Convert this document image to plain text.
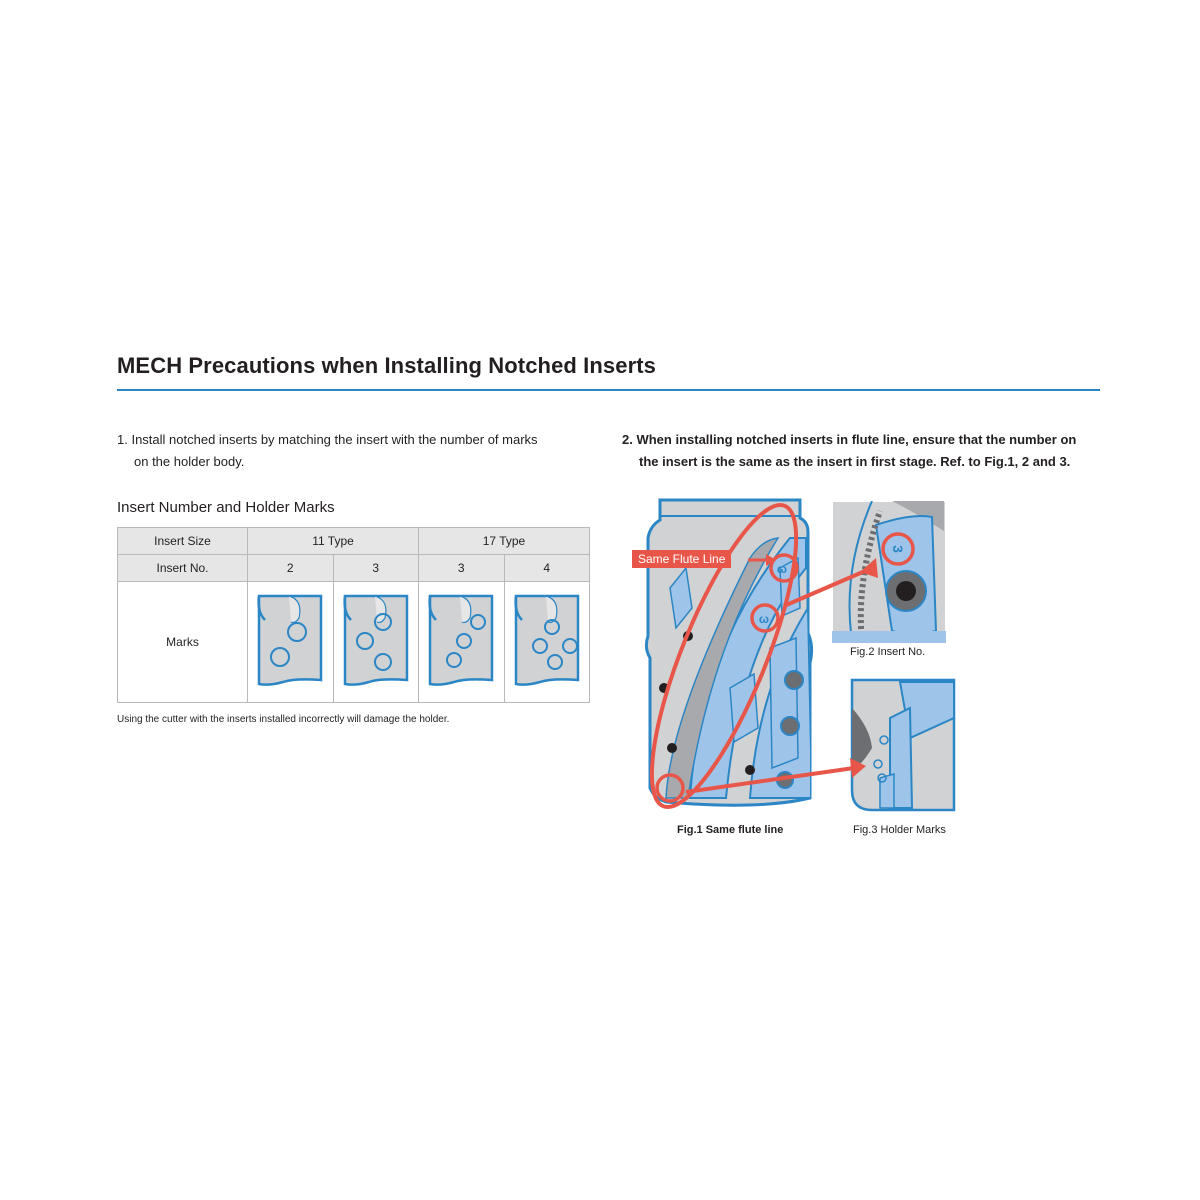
MECH Precautions when Installing Notched Inserts
1. Install notched inserts by matching the insert with the number of marks
on the holder body.
2. When installing notched inserts in flute line, ensure that the number on
the insert is the same as the insert in first stage. Ref. to Fig.1, 2 and 3.
Insert Number and Holder Marks
Insert Size	11 Type		17 Type	
Insert No.	2	3	3	4
Marks	

Using the cutter with the inserts installed incorrectly will damage the holder.
ω
ω
Same Flute Line
3
Fig.2 Insert No.
Fig.3 Holder Marks
Fig.1 Same flute line
